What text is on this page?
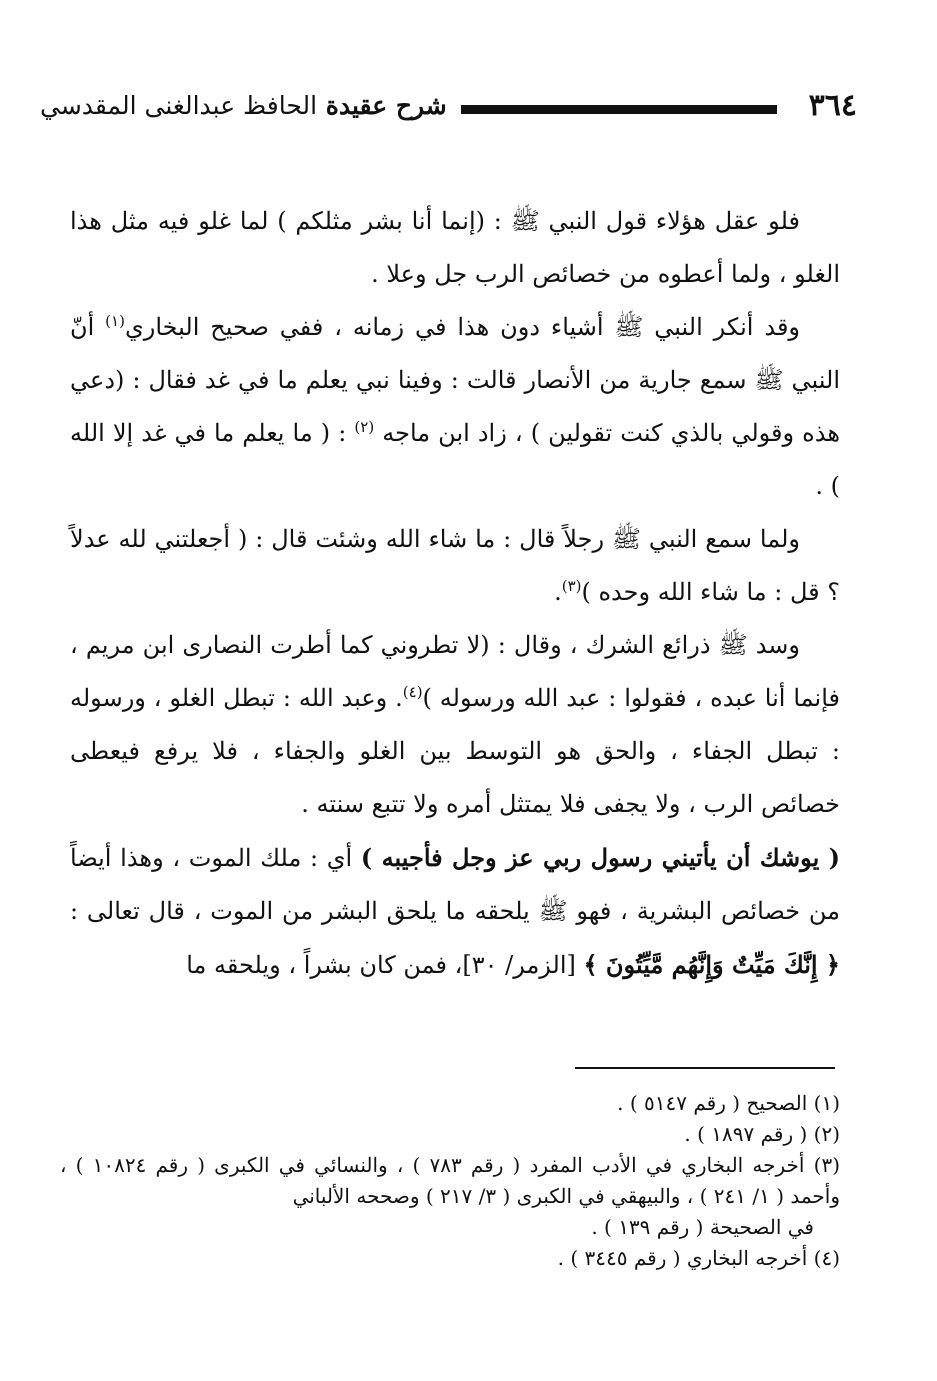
٣٦٤
شرح عقيدة الحافظ عبدالغنى المقدسي

فلو عقل هؤلاء قول النبي ﷺ : (إنما أنا بشر مثلكم ) لما غلو فيه مثل هذا الغلو ، ولما أعطوه من خصائص الرب جل وعلا .

وقد أنكر النبي ﷺ أشياء دون هذا في زمانه ، ففي صحيح البخاري$^{(١)}$ أنّ النبي ﷺ سمع جارية من الأنصار قالت : وفينا نبي يعلم ما في غد فقال : (دعي هذه وقولي بالذي كنت تقولين ) ، زاد ابن ماجه $^{(٢)}$ : ( ما يعلم ما في غد إلا الله ) .

ولما سمع النبي ﷺ رجلاً قال : ما شاء الله وشئت قال : ( أجعلتني لله عدلاً ؟ قل : ما شاء الله وحده )$^{(٣)}$.

وسد ﷺ ذرائع الشرك ، وقال : (لا تطروني كما أطرت النصارى ابن مريم ، فإنما أنا عبده ، فقولوا : عبد الله ورسوله )$^{(٤)}$. وعبد الله : تبطل الغلو ، ورسوله : تبطل الجفاء ، والحق هو التوسط بين الغلو والجفاء ، فلا يرفع فيعطى خصائص الرب ، ولا يجفى فلا يمتثل أمره ولا تتبع سنته .

( يوشك أن يأتيني رسول ربي عز وجل فأجيبه ) أي : ملك الموت ، وهذا أيضاً من خصائص البشرية ، فهو ﷺ يلحقه ما يلحق البشر من الموت ، قال تعالى : ﴿ إِنَّكَ مَيِّتٌ وَإِنَّهُم مَّيِّتُونَ ﴾ [الزمر/ ٣٠]، فمن كان بشراً ، ويلحقه ما

(١) الصحيح ( رقم ٥١٤٧ ) .

(٢) ( رقم ١٨٩٧ ) .

(٣) أخرجه البخاري في الأدب المفرد ( رقم ٧٨٣ ) ، والنسائي في الكبرى ( رقم ١٠٨٢٤ ) ، وأحمد ( ١/ ٢٤١ ) ، والبيهقي في الكبرى ( ٣/ ٢١٧ ) وصححه الألباني

في الصحيحة ( رقم ١٣٩ ) .

(٤) أخرجه البخاري ( رقم ٣٤٤٥ ) .
